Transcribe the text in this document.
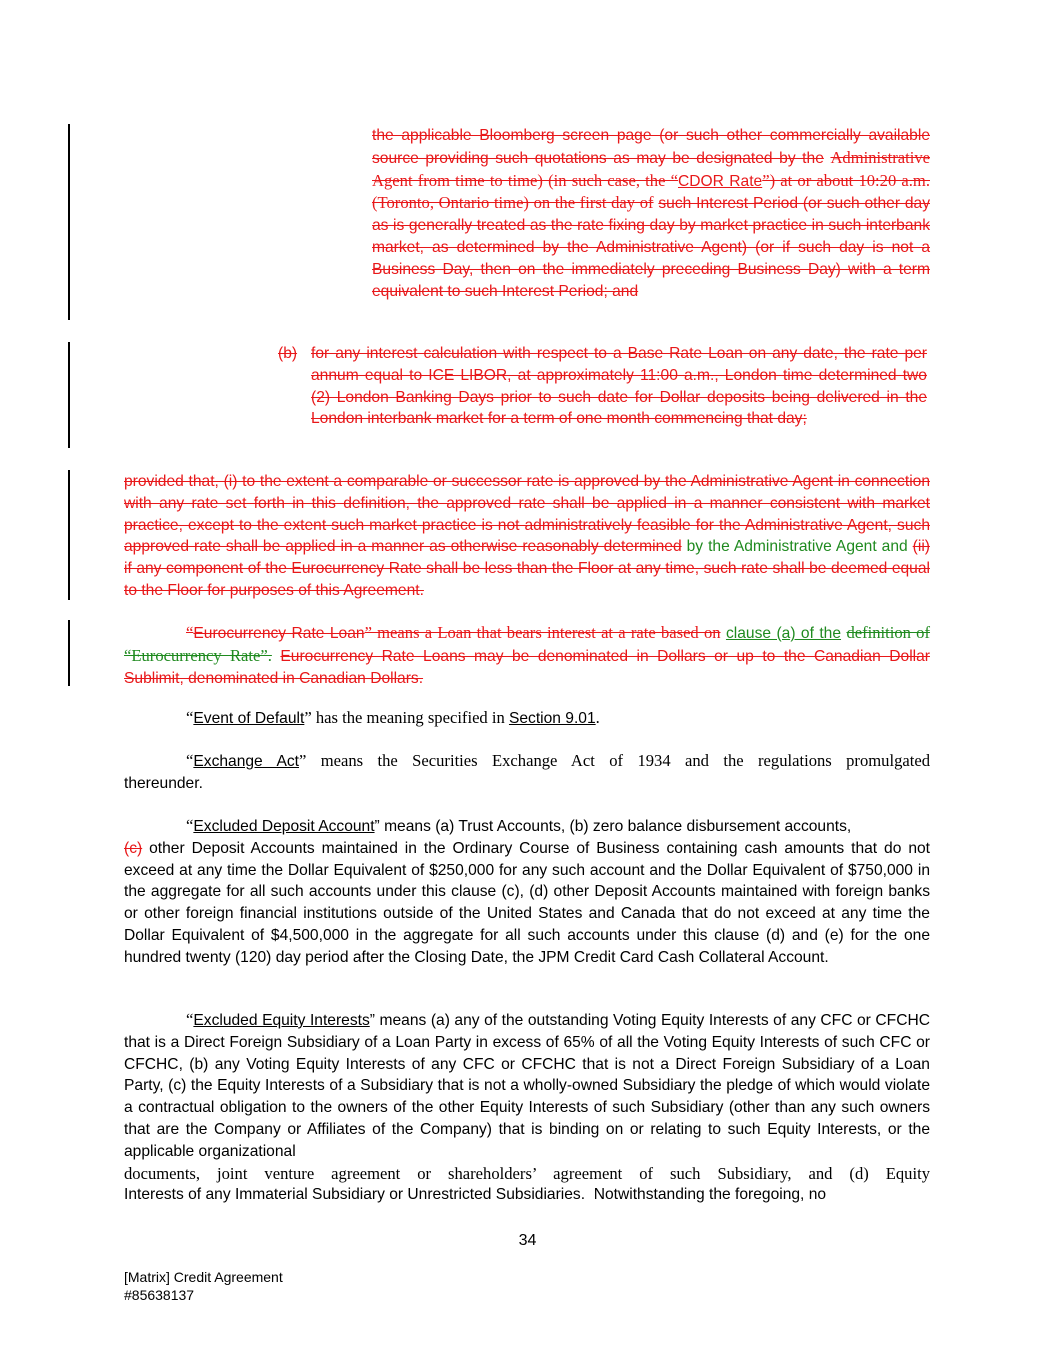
the applicable Bloomberg screen page (or such other commercially available source providing such quotations as may be designated by the Administrative Agent from time to time) (in such case, the “CDOR Rate”) at or about 10:20 a.m. (Toronto, Ontario time) on the first day of such Interest Period (or such other day as is generally treated as the rate fixing day by market practice in such interbank market, as determined by the Administrative Agent) (or if such day is not a Business Day, then on the immediately preceding Business Day) with a term equivalent to such Interest Period; and
(b) for any interest calculation with respect to a Base Rate Loan on any date, the rate per annum equal to ICE LIBOR, at approximately 11:00 a.m., London time determined two (2) London Banking Days prior to such date for Dollar deposits being delivered in the London interbank market for a term of one month commencing that day;
provided that, (i) to the extent a comparable or successor rate is approved by the Administrative Agent in connection with any rate set forth in this definition, the approved rate shall be applied in a manner consistent with market practice, except to the extent such market practice is not administratively feasible for the Administrative Agent, such approved rate shall be applied in a manner as otherwise reasonably determined by the Administrative Agent and (ii) if any component of the Eurocurrency Rate shall be less than the Floor at any time, such rate shall be deemed equal to the Floor for purposes of this Agreement.
“Eurocurrency Rate Loan” means a Loan that bears interest at a rate based on clause (a) of the definition of “Eurocurrency Rate”. Eurocurrency Rate Loans may be denominated in Dollars or up to the Canadian Dollar Sublimit, denominated in Canadian Dollars.
“Event of Default” has the meaning specified in Section 9.01.
“Exchange Act” means the Securities Exchange Act of 1934 and the regulations promulgated
thereunder.
“Excluded Deposit Account” means (a) Trust Accounts, (b) zero balance disbursement accounts,
(c) other Deposit Accounts maintained in the Ordinary Course of Business containing cash amounts that do not exceed at any time the Dollar Equivalent of $250,000 for any such account and the Dollar Equivalent of $750,000 in the aggregate for all such accounts under this clause (c), (d) other Deposit Accounts maintained with foreign banks or other foreign financial institutions outside of the United States and Canada that do not exceed at any time the Dollar Equivalent of $4,500,000 in the aggregate for all such accounts under this clause (d) and (e) for the one hundred twenty (120) day period after the Closing Date, the JPM Credit Card Cash Collateral Account.
“Excluded Equity Interests” means (a) any of the outstanding Voting Equity Interests of any CFC or CFCHC that is a Direct Foreign Subsidiary of a Loan Party in excess of 65% of all the Voting Equity Interests of such CFC or CFCHC, (b) any Voting Equity Interests of any CFC or CFCHC that is not a Direct Foreign Subsidiary of a Loan Party, (c) the Equity Interests of a Subsidiary that is not a wholly-owned Subsidiary the pledge of which would violate a contractual obligation to the owners of the other Equity Interests of such Subsidiary (other than any such owners that are the Company or Affiliates of the Company) that is binding on or relating to such Equity Interests, or the applicable organizational
documents, joint venture agreement or shareholders’ agreement of such Subsidiary, and (d) Equity
Interests of any Immaterial Subsidiary or Unrestricted Subsidiaries.  Notwithstanding the foregoing, no
34
[Matrix] Credit Agreement
#85638137
